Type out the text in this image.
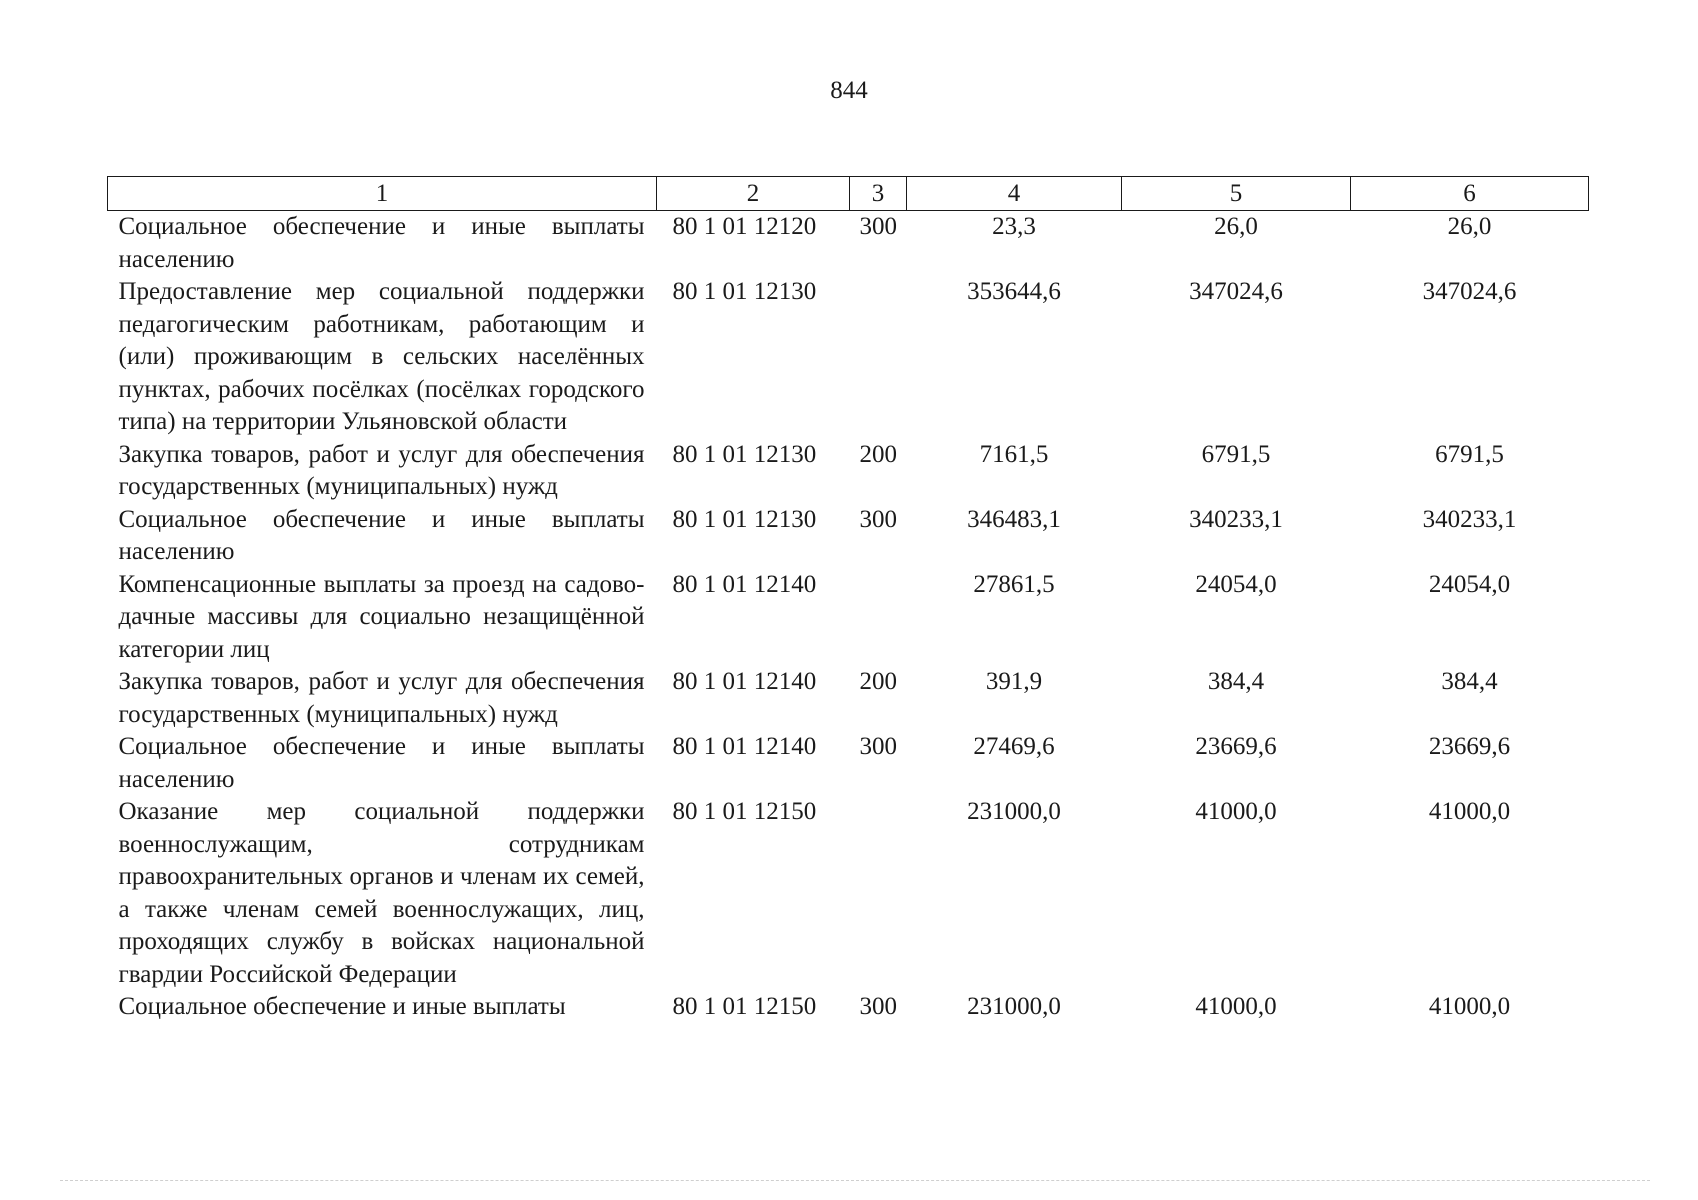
844
1	2	3	4	5	6
Социальное обеспечение и иные выплаты населению	80 1 01 12120	300	23,3	26,0	26,0
Предоставление мер социальной поддержки педагогическим работникам, работающим и (или) проживающим в сельских населённых пунктах, рабочих посёлках (посёлках городского типа) на территории Ульяновской области	80 1 01 12130		353644,6	347024,6	347024,6
Закупка товаров, работ и услуг для обеспечения государственных (муниципальных) нужд	80 1 01 12130	200	7161,5	6791,5	6791,5
Социальное обеспечение и иные выплаты населению	80 1 01 12130	300	346483,1	340233,1	340233,1
Компенсационные выплаты за проезд на садово-дачные массивы для социально незащищённой категории лиц	80 1 01 12140		27861,5	24054,0	24054,0
Закупка товаров, работ и услуг для обеспечения государственных (муниципальных) нужд	80 1 01 12140	200	391,9	384,4	384,4
Социальное обеспечение и иные выплаты населению	80 1 01 12140	300	27469,6	23669,6	23669,6
Оказание мер социальной поддержки военнослужащим, сотрудникам правоохранительных органов и членам их семей, а также членам семей военнослужащих, лиц, проходящих службу в войсках национальной гвардии Российской Федерации	80 1 01 12150		231000,0	41000,0	41000,0
Социальное обеспечение и иные выплаты	80 1 01 12150	300	231000,0	41000,0	41000,0
